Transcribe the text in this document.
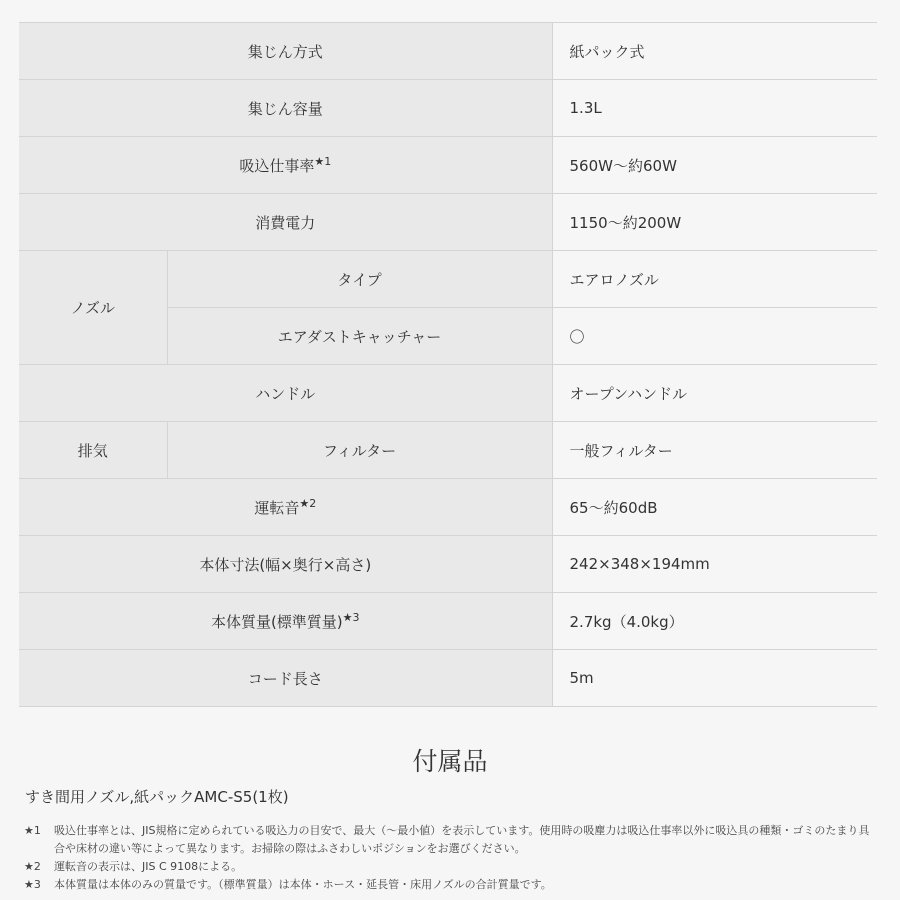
集じん方式		紙パック式
集じん容量		1.3L
吸込仕事率$^{★1}$		560W〜約60W
消費電力		1150〜約200W
ノズル	タイプ	エアロノズル
	エアダストキャッチャー	〇
ハンドル		オープンハンドル
排気	フィルター	一般フィルター
運転音$^{★2}$		65〜約60dB
本体寸法(幅×奥行×高さ)		242×348×194mm
本体質量(標準質量)$^{★3}$		2.7kg（4.0kg）
コード長さ		5m
付属品
すき間用ノズル,紙パックAMC-S5(1枚)
★1	吸込仕事率とは、JIS規格に定められている吸込力の目安で、最大（〜最小値）を表示しています。使用時の吸塵力は吸込仕事率以外に吸込具の種類・ゴミのたまり具合や床材の違い等によって異なります。お掃除の際はふさわしいポジションをお選びください。
★2	運転音の表示は、JIS C 9108による。
★3	本体質量は本体のみの質量です。（標準質量）は本体・ホース・延長管・床用ノズルの合計質量です。
